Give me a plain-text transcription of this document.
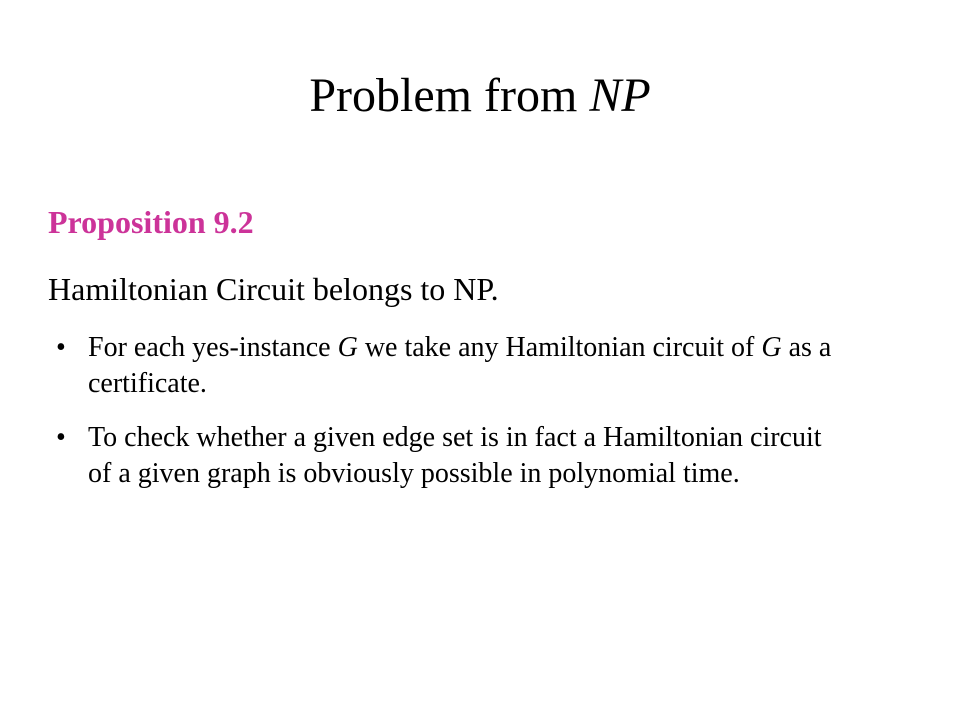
Problem from NP
Proposition 9.2
Hamiltonian Circuit belongs to NP.
• For each yes-instance G we take any Hamiltonian circuit of G as a certificate.
• To check whether a given edge set is in fact a Hamiltonian circuit of a given graph is obviously possible in polynomial time.
